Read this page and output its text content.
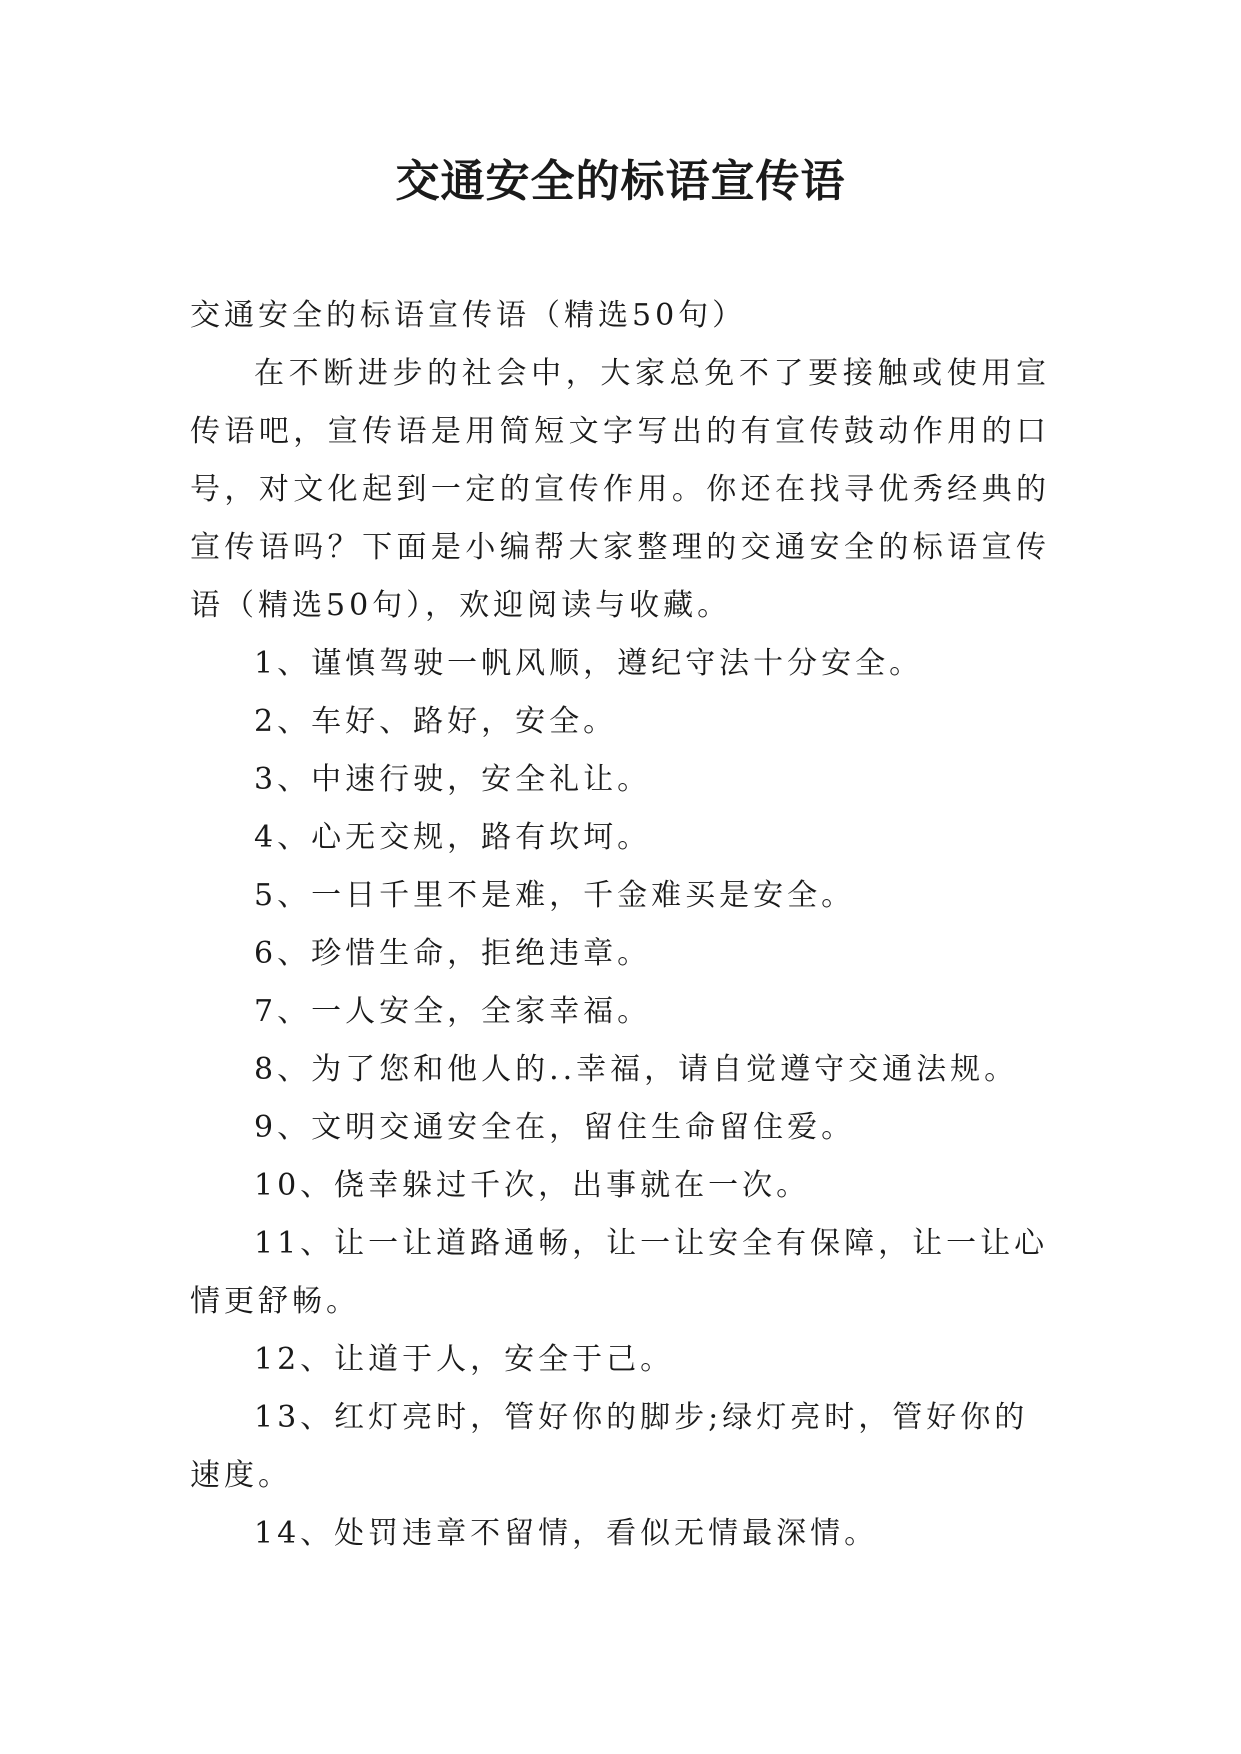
交通安全的标语宣传语

交通安全的标语宣传语（精选50句）

在不断进步的社会中，大家总免不了要接触或使用宣传语吧，宣传语是用简短文字写出的有宣传鼓动作用的口号，对文化起到一定的宣传作用。你还在找寻优秀经典的宣传语吗？下面是小编帮大家整理的交通安全的标语宣传语（精选50句），欢迎阅读与收藏。

1、谨慎驾驶一帆风顺，遵纪守法十分安全。

2、车好、路好，安全。

3、中速行驶，安全礼让。

4、心无交规，路有坎坷。

5、一日千里不是难，千金难买是安全。

6、珍惜生命，拒绝违章。

7、一人安全，全家幸福。

8、为了您和他人的..幸福，请自觉遵守交通法规。

9、文明交通安全在，留住生命留住爱。

10、侥幸躲过千次，出事就在一次。

11、让一让道路通畅，让一让安全有保障，让一让心情更舒畅。

12、让道于人，安全于己。

13、红灯亮时，管好你的脚步;绿灯亮时，管好你的速度。

14、处罚违章不留情，看似无情最深情。
